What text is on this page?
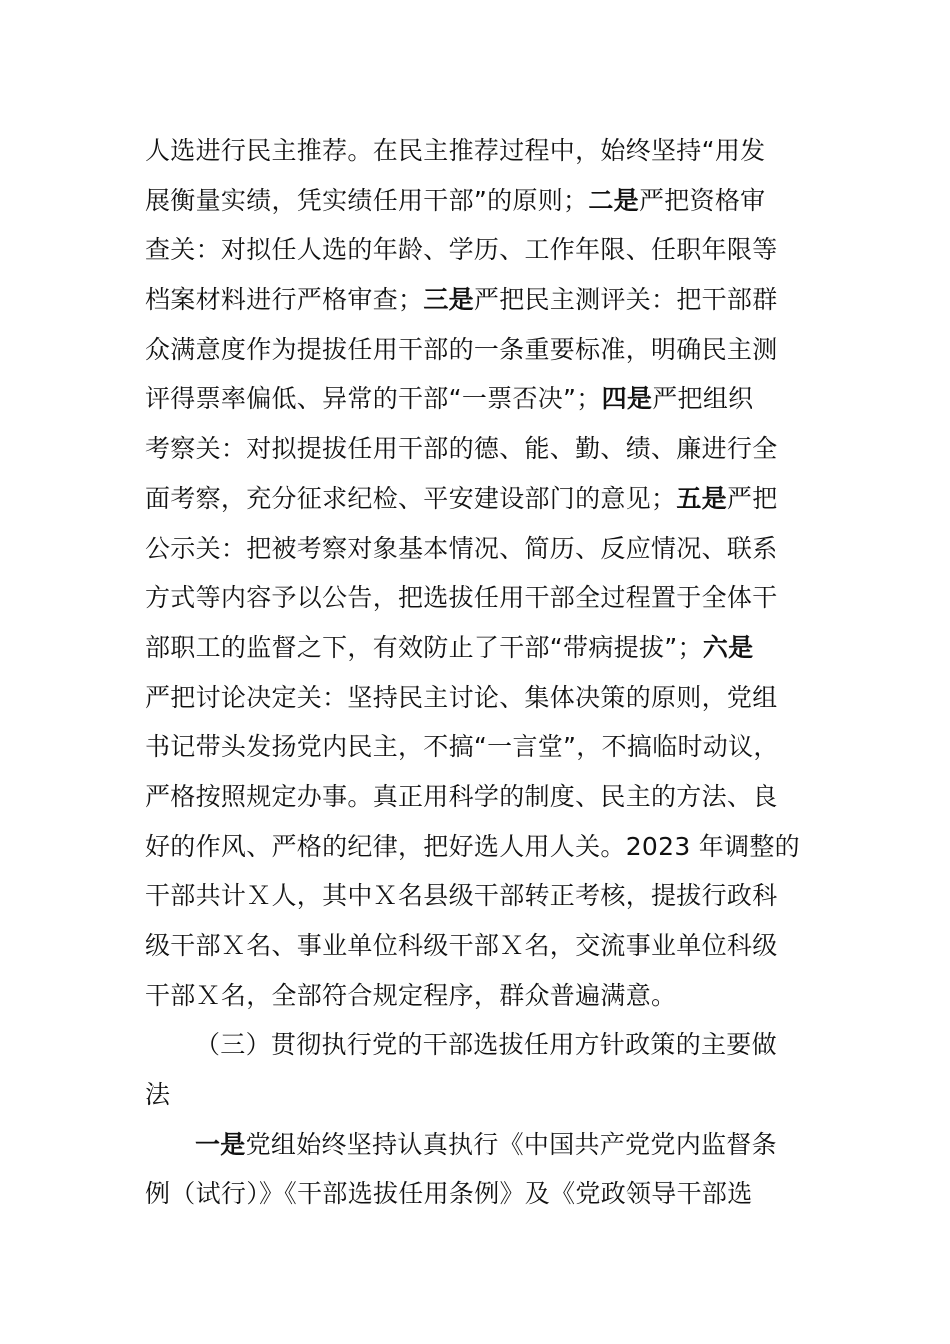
人选进行民主推荐。在民主推荐过程中，始终坚持“用发
展衡量实绩，凭实绩任用干部”的原则；二是严把资格审
查关：对拟任人选的年龄、学历、工作年限、任职年限等
档案材料进行严格审查；三是严把民主测评关：把干部群
众满意度作为提拔任用干部的一条重要标准，明确民主测
评得票率偏低、异常的干部“一票否决”；四是严把组织
考察关：对拟提拔任用干部的德、能、勤、绩、廉进行全
面考察，充分征求纪检、平安建设部门的意见；五是严把
公示关：把被考察对象基本情况、简历、反应情况、联系
方式等内容予以公告，把选拔任用干部全过程置于全体干
部职工的监督之下，有效防止了干部“带病提拔”；六是
严把讨论决定关：坚持民主讨论、集体决策的原则，党组
书记带头发扬党内民主，不搞“一言堂”，不搞临时动议，
严格按照规定办事。真正用科学的制度、民主的方法、良
好的作风、严格的纪律，把好选人用人关。2023 年调整的
干部共计Ｘ人，其中Ｘ名县级干部转正考核，提拔行政科
级干部Ｘ名、事业单位科级干部Ｘ名，交流事业单位科级
干部Ｘ名，全部符合规定程序，群众普遍满意。
（三）贯彻执行党的干部选拔任用方针政策的主要做
法
一是党组始终坚持认真执行《中国共产党党内监督条
例（试行）》《干部选拔任用条例》及《党政领导干部选
